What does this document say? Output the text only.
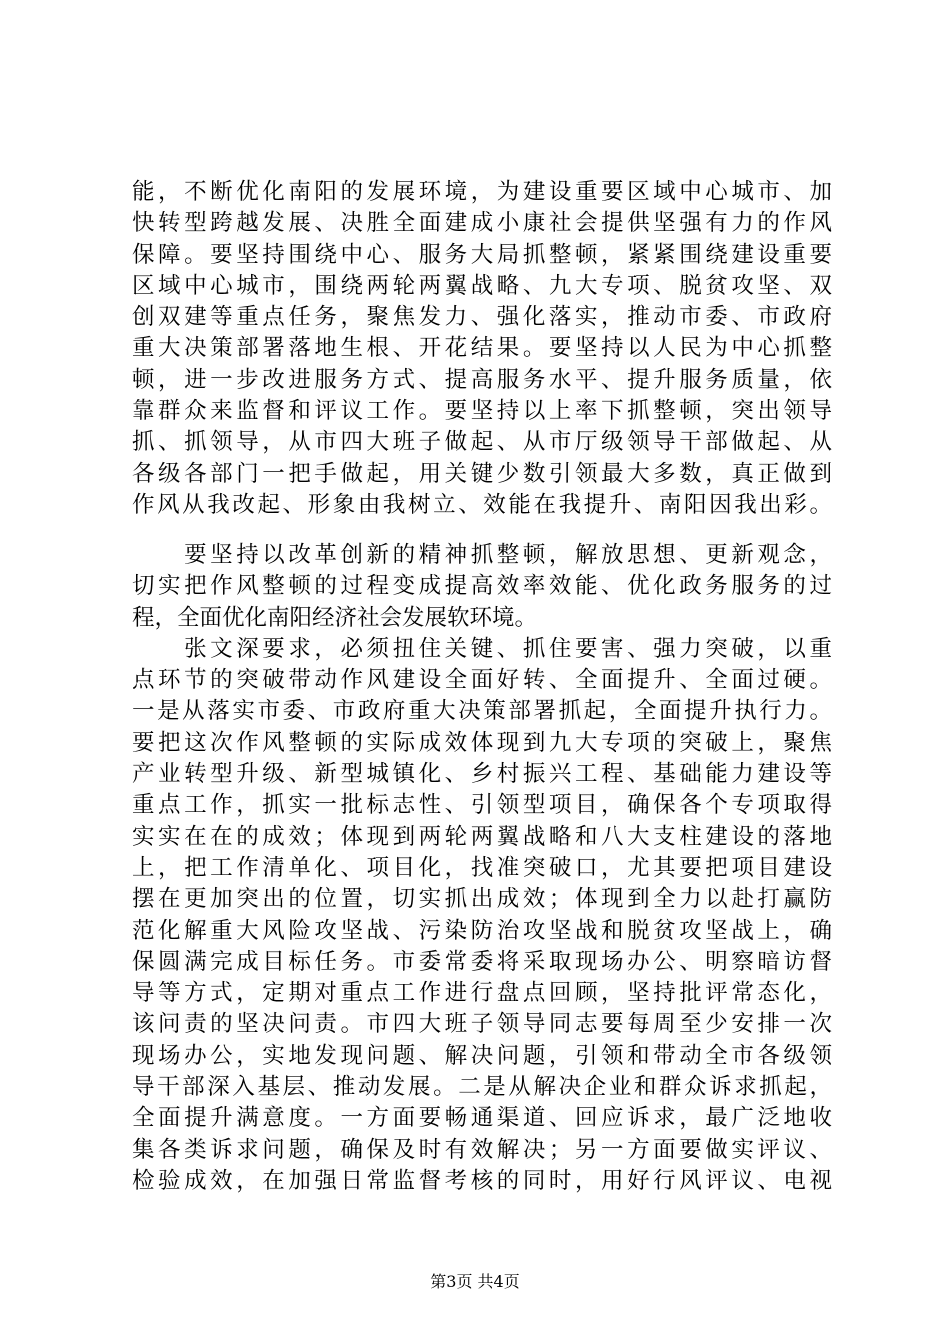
能，不断优化南阳的发展环境，为建设重要区域中心城市、加
快转型跨越发展、决胜全面建成小康社会提供坚强有力的作风
保障。要坚持围绕中心、服务大局抓整顿，紧紧围绕建设重要
区域中心城市，围绕两轮两翼战略、九大专项、脱贫攻坚、双
创双建等重点任务，聚焦发力、强化落实，推动市委、市政府
重大决策部署落地生根、开花结果。要坚持以人民为中心抓整
顿，进一步改进服务方式、提高服务水平、提升服务质量，依
靠群众来监督和评议工作。要坚持以上率下抓整顿，突出领导
抓、抓领导，从市四大班子做起、从市厅级领导干部做起、从
各级各部门一把手做起，用关键少数引领最大多数，真正做到
作风从我改起、形象由我树立、效能在我提升、南阳因我出彩。
　　要坚持以改革创新的精神抓整顿，解放思想、更新观念，
切实把作风整顿的过程变成提高效率效能、优化政务服务的过
程，全面优化南阳经济社会发展软环境。
　　张文深要求，必须扭住关键、抓住要害、强力突破，以重
点环节的突破带动作风建设全面好转、全面提升、全面过硬。
一是从落实市委、市政府重大决策部署抓起，全面提升执行力。
要把这次作风整顿的实际成效体现到九大专项的突破上，聚焦
产业转型升级、新型城镇化、乡村振兴工程、基础能力建设等
重点工作，抓实一批标志性、引领型项目，确保各个专项取得
实实在在的成效；体现到两轮两翼战略和八大支柱建设的落地
上，把工作清单化、项目化，找准突破口，尤其要把项目建设
摆在更加突出的位置，切实抓出成效；体现到全力以赴打赢防
范化解重大风险攻坚战、污染防治攻坚战和脱贫攻坚战上，确
保圆满完成目标任务。市委常委将采取现场办公、明察暗访督
导等方式，定期对重点工作进行盘点回顾，坚持批评常态化，
该问责的坚决问责。市四大班子领导同志要每周至少安排一次
现场办公，实地发现问题、解决问题，引领和带动全市各级领
导干部深入基层、推动发展。二是从解决企业和群众诉求抓起，
全面提升满意度。一方面要畅通渠道、回应诉求，最广泛地收
集各类诉求问题，确保及时有效解决；另一方面要做实评议、
检验成效，在加强日常监督考核的同时，用好行风评议、电视
第3页 共4页
